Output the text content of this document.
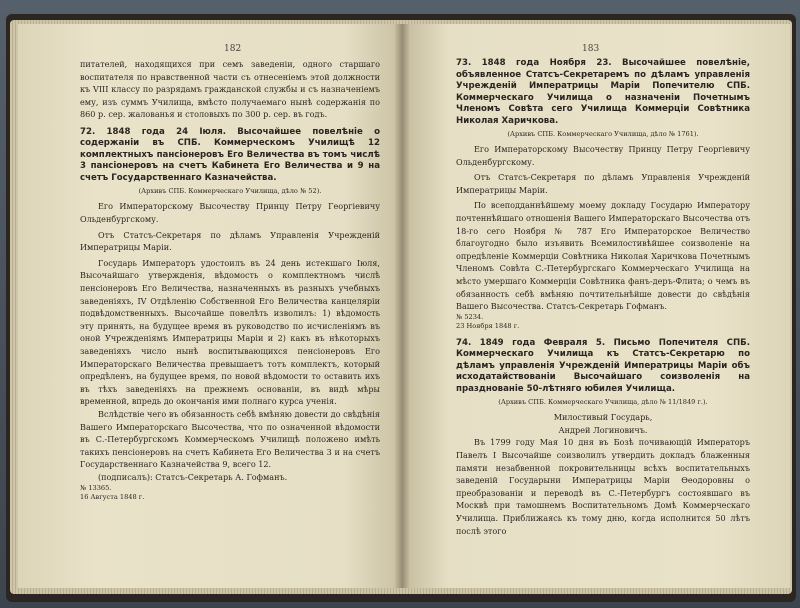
182

питателей, находящихся при семъ заведенiи, одного старшаго воспитателя по нравственной части съ отнесенiемъ этой должности къ VIII классу по разрядамъ гражданской службы и съ назначенiемъ ему, изъ суммъ Училища, вмѣсто получаемаго нынѣ содержанiя по 860 р. сер. жалованья и столовыхъ по 300 р. сер. въ годъ.

72. 1848 года 24 Iюля. Высочайшее повелѣнiе о содержанiи въ СПБ. Коммерческомъ Училищѣ 12 комплектныхъ пансiонеровъ Его Величества въ томъ числѣ 3 пансiонеровъ на счетъ Кабинета Его Величества и 9 на счетъ Государственнаго Казначейства.
(Архивъ СПБ. Коммерческаго Училища, дѣло № 52).

Его Императорскому Высочеству Принцу Петру Георгiевичу Ольденбургскому.

Отъ Статсъ-Секретаря по дѣламъ Управленiя Учрежденiй Императрицы Марiи.

Государь Императоръ удостоилъ въ 24 день истекшаго Iюля, Высочайшаго утвержденiя, вѣдомость о комплектномъ числѣ пенсiонеровъ Его Величества, назначенныхъ въ разныхъ учебныхъ заведенiяхъ, IV Отдѣленiю Собственной Его Величества канцелярiи подвѣдомственныхъ. Высочайше повелѣть изволилъ: 1) вѣдомость эту принять, на будущее время въ руководство по исчисленiямъ въ оной Учрежденiямъ Императрицы Марiи и 2) какъ въ нѣкоторыхъ заведенiяхъ число нынѣ воспитывающихся пенсiонеровъ Его Императорскаго Величества превышаетъ тотъ комплектъ, который опредѣленъ, на будущее время, по новой вѣдомости то оставить ихъ въ тѣхъ заведенiяхъ на прежнемъ основанiи, въ видѣ мѣры временной, впредь до окончанiя ими полнаго курса ученiя.

Вслѣдствiе чего въ обязанность себѣ вмѣняю довести до свѣдѣнiя Вашего Императорскаго Высочества, что по означенной вѣдомости въ С.-Петербургскомъ Коммерческомъ Училищѣ положено имѣть такихъ пенсiонеровъ на счетъ Кабинета Его Величества 3 и на счетъ Государственнаго Казначейства 9, всего 12.

(подписалъ): Статсъ-Секретарь А. Гофманъ.

№ 13365.
16 Августа 1848 г.
183
73. 1848 года Ноября 23. Высочайшее повелѣнiе, объявленное Статсъ-Секретаремъ по дѣламъ управленiя Учрежденiй Императрицы Марiи Попечителю СПБ. Коммерческаго Училища о назначенiи Почетнымъ Членомъ Совѣта сего Училища Коммерцiи Совѣтника Николая Харичкова.
(Архивъ СПБ. Коммерческаго Училища, дѣло № 1761).

Его Императорскому Высочеству Принцу Петру Георгiевичу Ольденбургскому.

Отъ Статсъ-Секретаря по дѣламъ Управленiя Учрежденiй Императрицы Марiи.

По всеподданнѣйшему моему докладу Государю Императору почтеннѣйшаго отношенiя Вашего Императорскаго Высочества отъ 18-го сего Ноября № 787 Его Императорское Величество благоугодно было изъявить Всемилостивѣйшее соизволенiе на опредѣленiе Коммерцiи Совѣтника Николая Харичкова Почетнымъ Членомъ Совѣта С.-Петербургскаго Коммерческаго Училища на мѣсто умершаго Коммерцiи Совѣтника фанъ-деръ-Флита; о чемъ въ обязанность себѣ вмѣняю почтительнѣйше довести до свѣдѣнiя Вашего Высочества. Статсъ-Секретарь Гофманъ.

№ 5234.
23 Ноября 1848 г.
74. 1849 года Февраля 5. Письмо Попечителя СПБ. Коммерческаго Училища къ Статсъ-Секретарю по дѣламъ управленiя Учрежденiй Императрицы Марiи объ исходатайствованiи Высочайшаго соизволенiя на празднованiе 50-лѣтняго юбилея Училища.
(Архивъ СПБ. Коммерческаго Училища, дѣло № 11/1849 г.).

Милостивый Государь,

Андрей Логиновичъ.

Въ 1799 году Мая 10 дня въ Бозѣ почивающiй Императоръ Павелъ I Высочайше соизволилъ утвердить докладъ блаженныя памяти незабвенной покровительницы всѣхъ воспитательныхъ заведенiй Государыни Императрицы Марiи Өеодоровны о преобразованiи и переводѣ въ С.-Петербургъ состоявшаго въ Москвѣ при тамошнемъ Воспитательномъ Домѣ Коммерческаго Училища. Приближаясь къ тому дню, когда исполнится 50 лѣтъ послѣ этого
